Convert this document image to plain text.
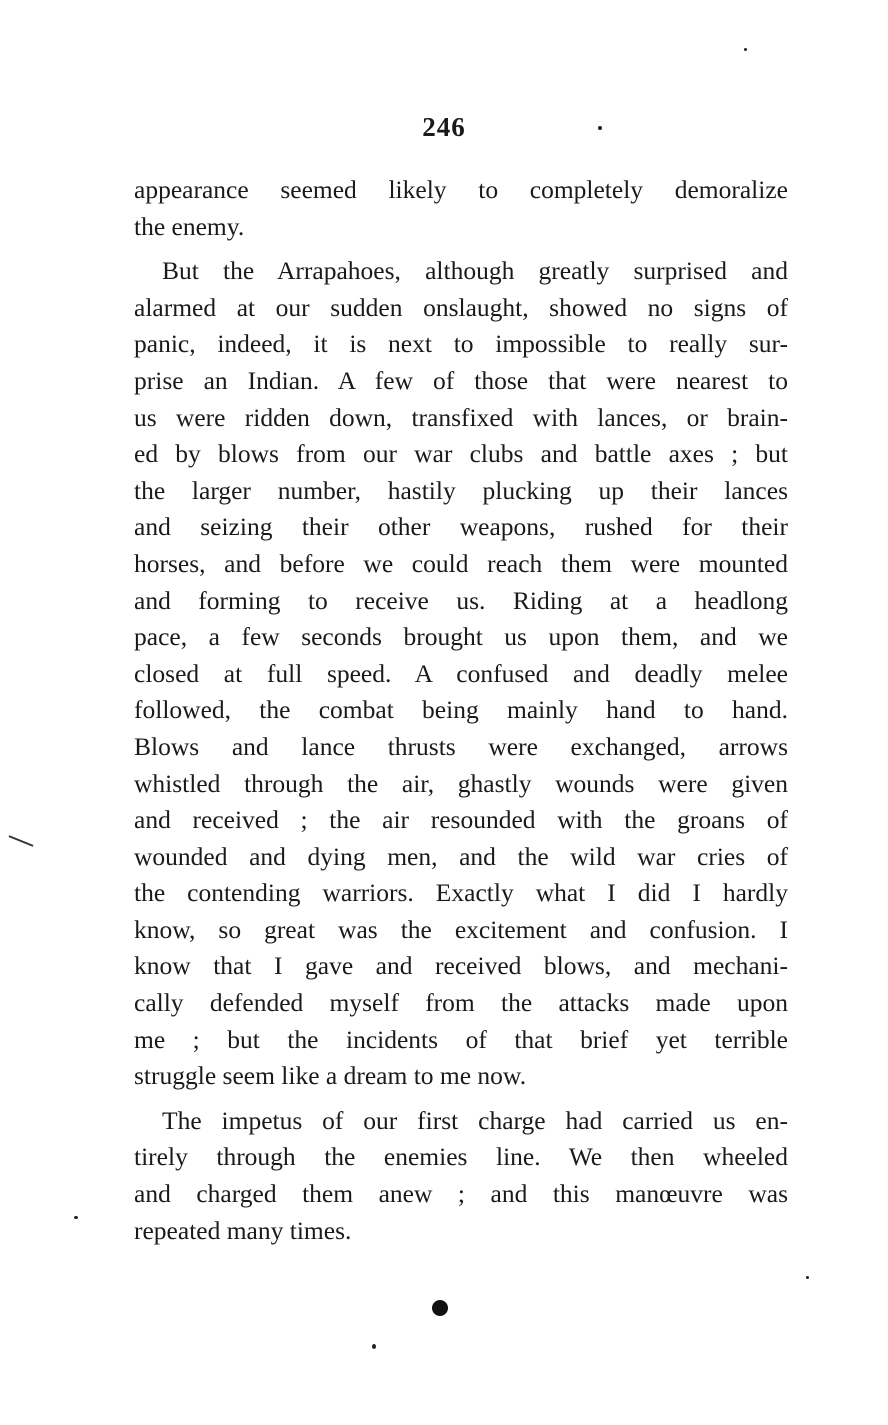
246
appearance seemed likely to completely demoralize
the enemy.
But the Arrapahoes, although greatly surprised and
alarmed at our sudden onslaught, showed no signs of
panic, indeed, it is next to impossible to really sur-
prise an Indian. A few of those that were nearest to
us were ridden down, transfixed with lances, or brain-
ed by blows from our war clubs and battle axes ; but
the larger number, hastily plucking up their lances
and seizing their other weapons, rushed for their
horses, and before we could reach them were mounted
and forming to receive us. Riding at a headlong
pace, a few seconds brought us upon them, and we
closed at full speed. A confused and deadly melee
followed, the combat being mainly hand to hand.
Blows and lance thrusts were exchanged, arrows
whistled through the air, ghastly wounds were given
and received ; the air resounded with the groans of
wounded and dying men, and the wild war cries of
the contending warriors. Exactly what I did I hardly
know, so great was the excitement and confusion. I
know that I gave and received blows, and mechani-
cally defended myself from the attacks made upon
me ; but the incidents of that brief yet terrible
struggle seem like a dream to me now.
The impetus of our first charge had carried us en-
tirely through the enemies line. We then wheeled
and charged them anew ; and this manœuvre was
repeated many times.
